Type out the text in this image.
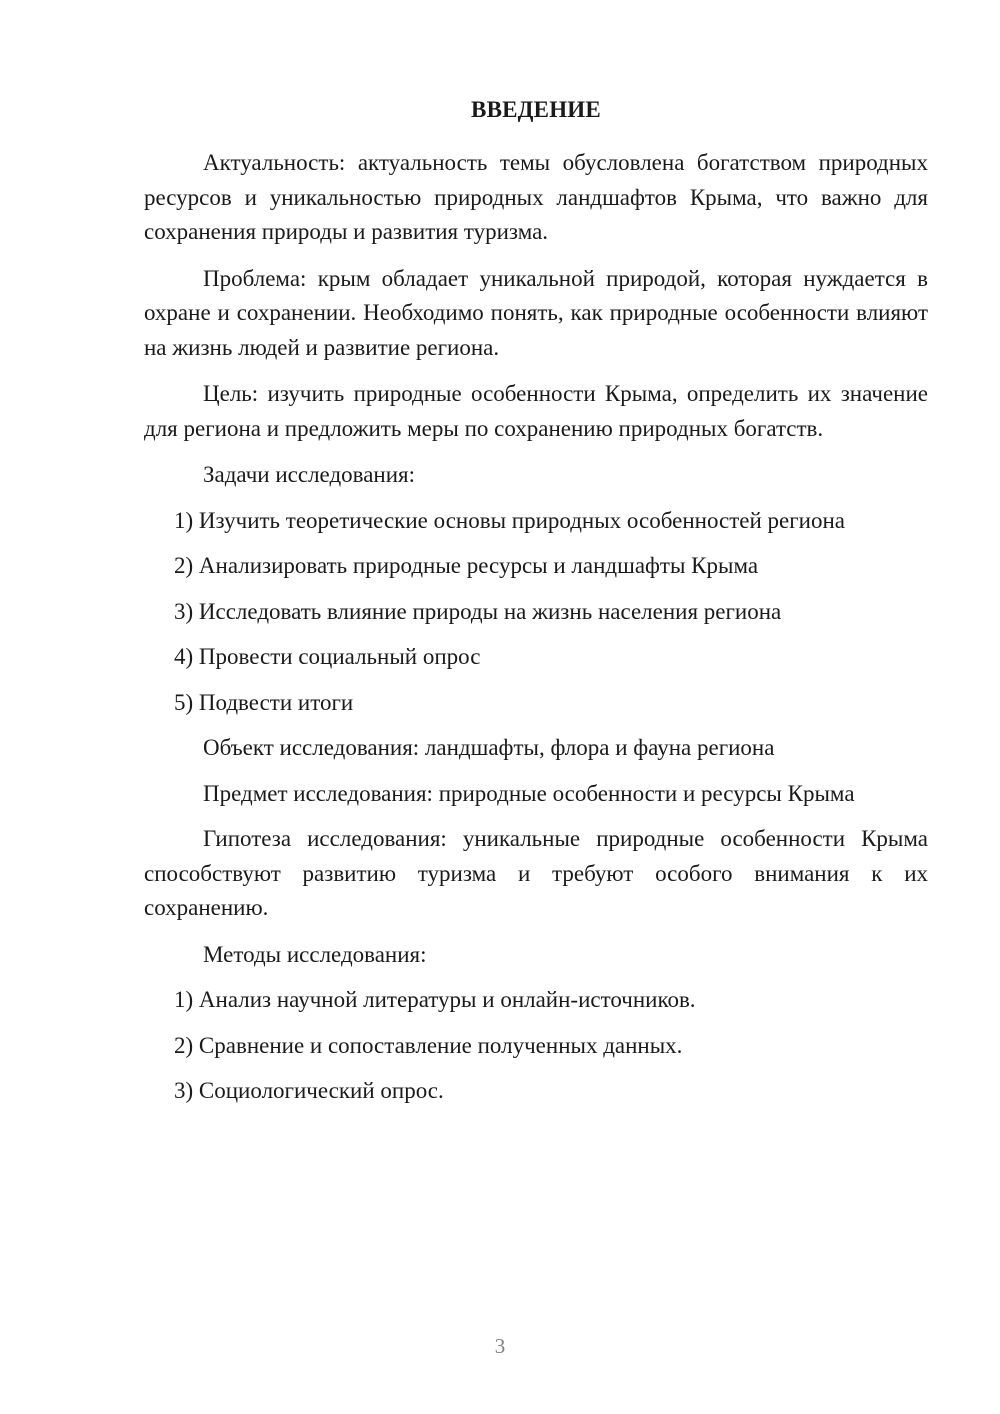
ВВЕДЕНИЕ

Актуальность: актуальность темы обусловлена богатством природных ресурсов и уникальностью природных ландшафтов Крыма, что важно для сохранения природы и развития туризма.

Проблема: крым обладает уникальной природой, которая нуждается в охране и сохранении. Необходимо понять, как природные особенности влияют на жизнь людей и развитие региона.

Цель: изучить природные особенности Крыма, определить их значение для региона и предложить меры по сохранению природных богатств.

Задачи исследования:

1) Изучить теоретические основы природных особенностей региона
2) Анализировать природные ресурсы и ландшафты Крыма
3) Исследовать влияние природы на жизнь населения региона
4) Провести социальный опрос
5) Подвести итоги

Объект исследования: ландшафты, флора и фауна региона

Предмет исследования: природные особенности и ресурсы Крыма

Гипотеза исследования: уникальные природные особенности Крыма способствуют развитию туризма и требуют особого внимания к их сохранению.

Методы исследования:

1) Анализ научной литературы и онлайн-источников.
2) Сравнение и сопоставление полученных данных.
3) Социологический опрос.
3
